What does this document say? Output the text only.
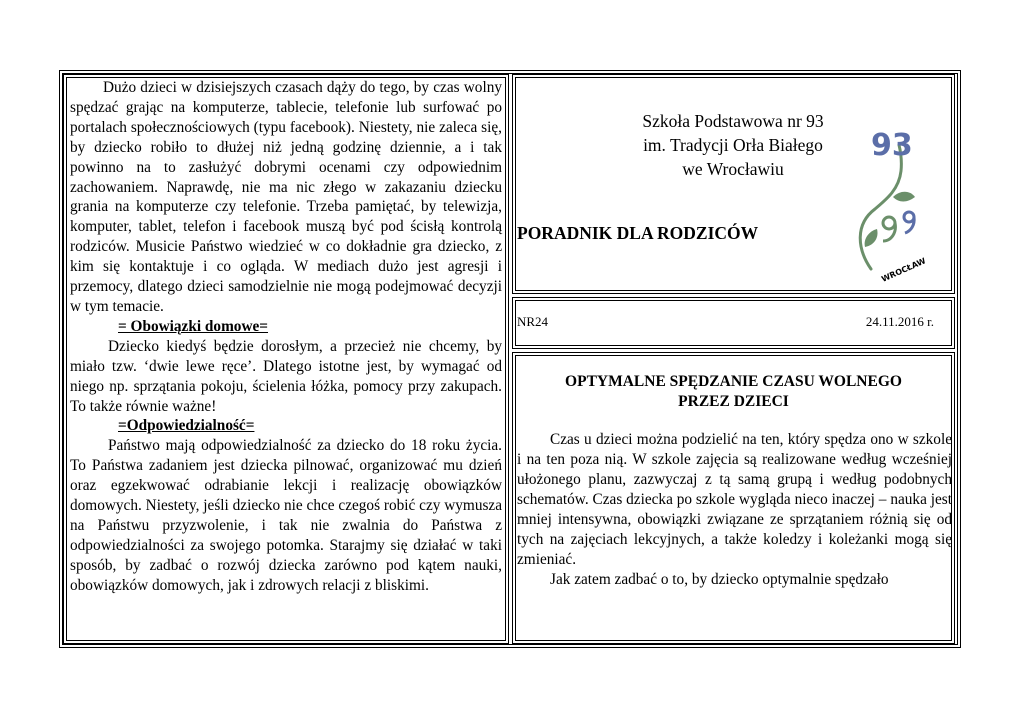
Dużo dzieci w dzisiejszych czasach dąży do tego, by czas wolny spędzać grając na komputerze, tablecie, telefonie lub surfować po portalach społecznościowych (typu facebook). Niestety, nie zaleca się, by dziecko robiło to dłużej niż jedną godzinę dziennie, a i tak powinno na to zasłużyć dobrymi ocenami czy odpowiednim zachowaniem. Naprawdę, nie ma nic złego w zakazaniu dziecku grania na komputerze czy telefonie. Trzeba pamiętać, by telewizja, komputer, tablet, telefon i facebook muszą być pod ścisłą kontrolą rodziców. Musicie Państwo wiedzieć w co dokładnie gra dziecko, z kim się kontaktuje i co ogląda. W mediach dużo jest agresji i przemocy, dlatego dzieci samodzielnie nie mogą podejmować decyzji w tym temacie.

= Obowiązki domowe=

Dziecko kiedyś będzie dorosłym, a przecież nie chcemy, by miało tzw. ‘dwie lewe ręce’. Dlatego istotne jest, by wymagać od niego np. sprzątania pokoju, ścielenia łóżka, pomocy przy zakupach. To także równie ważne!

=Odpowiedzialność=

Państwo mają odpowiedzialność za dziecko do 18 roku życia. To Państwa zadaniem jest dziecka pilnować, organizować mu dzień oraz egzekwować odrabianie lekcji i realizację obowiązków domowych. Niestety, jeśli dziecko nie chce czegoś robić czy wymusza na Państwu przyzwolenie, i tak nie zwalnia do Państwa z odpowiedzialności za swojego potomka. Starajmy się działać w taki sposób, by zadbać o rozwój dziecka zarówno pod kątem nauki, obowiązków domowych, jak i zdrowych relacji z bliskimi.

Szkoła Podstawowa nr 93
im. Tradycji Orła Białego
we Wrocławiu
PORADNIK DLA RODZICÓW
93
WROCŁAW
NR24	24.11.2016 r.
OPTYMALNE SPĘDZANIE CZASU WOLNEGO
PRZEZ DZIECI

Czas u dzieci można podzielić na ten, który spędza ono w szkole i na ten poza nią. W szkole zajęcia są realizowane według wcześniej ułożonego planu, zazwyczaj z tą samą grupą i według podobnych schematów. Czas dziecka po szkole wygląda nieco inaczej – nauka jest mniej intensywna, obowiązki związane ze sprzątaniem różnią się od tych na zajęciach lekcyjnych, a także koledzy i koleżanki mogą się zmieniać.

Jak zatem zadbać o to, by dziecko optymalnie spędzało
